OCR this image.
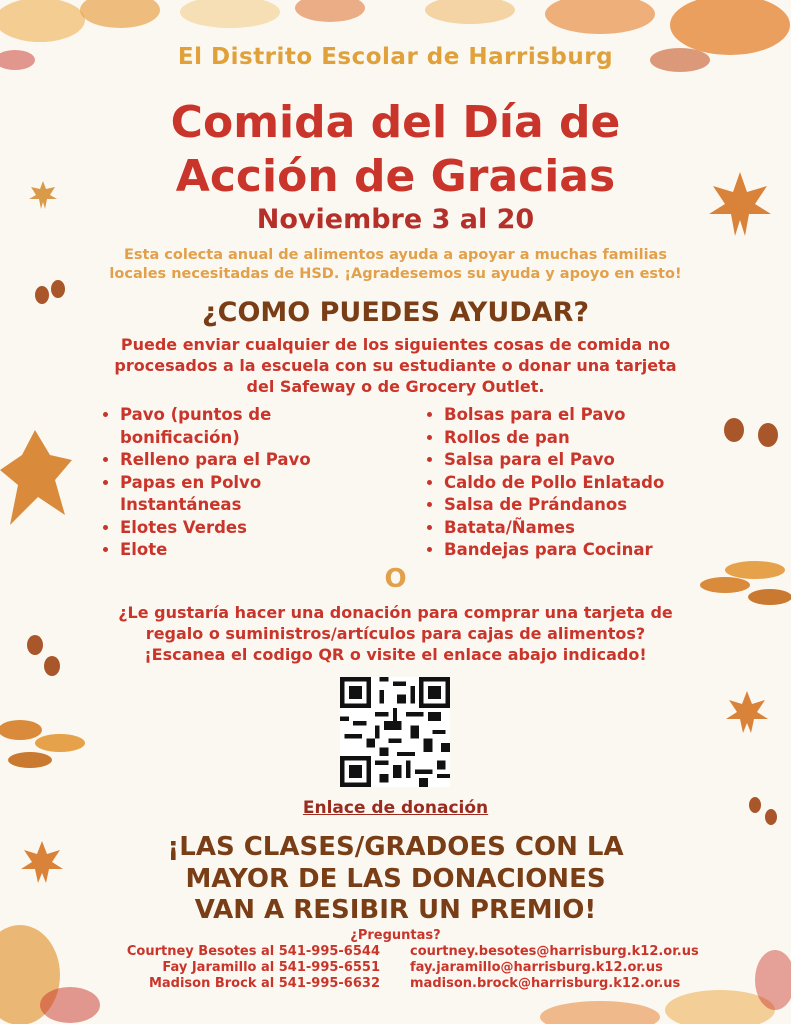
El Distrito Escolar de Harrisburg
Comida del Día de
Acción de Gracias
Noviembre 3 al 20
Esta colecta anual de alimentos ayuda a apoyar a muchas familias
locales necesitadas de HSD. ¡Agradesemos su ayuda y apoyo en esto!
¿COMO PUEDES AYUDAR?
Puede enviar cualquier de los siguientes cosas de comida no
procesados a la escuela con su estudiante o donar una tarjeta
del Safeway o de Grocery Outlet.
• Pavo (puntos de bonificación)
• Relleno para el Pavo
• Papas en Polvo Instantáneas
• Elotes Verdes
• Elote
• Bolsas para el Pavo
• Rollos de pan
• Salsa para el Pavo
• Caldo de Pollo Enlatado
• Salsa de Prándanos
• Batata/Ñames
• Bandejas para Cocinar
O
¿Le gustaría hacer una donación para comprar una tarjeta de
regalo o suministros/artículos para cajas de alimentos?
¡Escanea el codigo QR o visite el enlace abajo indicado!
Enlace de donación
¡LAS CLASES/GRADOES CON LA
MAYOR DE LAS DONACIONES
VAN A RESIBIR UN PREMIO!
¿Preguntas?
Courtney Besotes al 541-995-6544
Fay Jaramillo al 541-995-6551
Madison Brock al 541-995-6632
courtney.besotes@harrisburg.k12.or.us
fay.jaramillo@harrisburg.k12.or.us
madison.brock@harrisburg.k12.or.us
